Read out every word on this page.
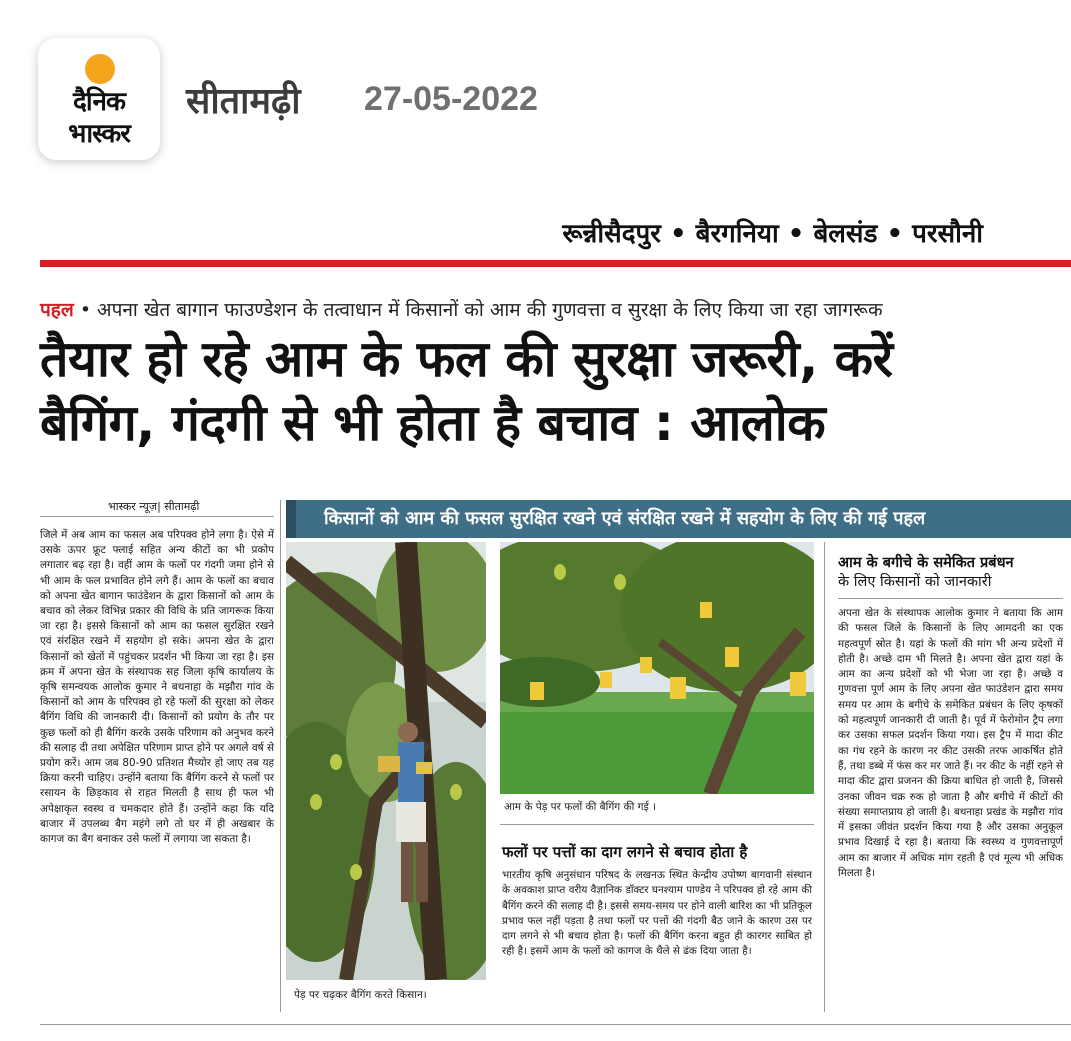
दैनिक
भास्कर
सीतामढ़ी 27-05-2022
रून्नीसैदपुर • बैरगनिया • बेलसंड • परसौनी
पहल • अपना खेत बागान फाउण्डेशन के तत्वाधान में किसानों को आम की गुणवत्ता व सुरक्षा के लिए किया जा रहा जागरूक
तैयार हो रहे आम के फल की सुरक्षा जरूरी, करें
बैगिंग, गंदगी से भी होता है बचाव : आलोक
भास्कर न्यूज़| सीतामढ़ी
जिले में अब आम का फसल अब परिपक्व होने लगा है। ऐसे में उसके ऊपर फ्रूट फ्लाई सहित अन्य कीटों का भी प्रकोप लगातार बढ़ रहा है। वहीं आम के फलों पर गंदगी जमा होने से भी आम के फल प्रभावित होने लगे हैं। आम के फलों का बचाव को अपना खेत बागान फाउंडेशन के द्वारा किसानों को आम के बचाव को लेकर विभिन्न प्रकार की विधि के प्रति जागरूक किया जा रहा है। इससे किसानों को आम का फसल सुरक्षित रखने एवं संरक्षित रखने में सहयोग हो सके। अपना खेत के द्वारा किसानों को खेतों में पहुंचकर प्रदर्शन भी किया जा रहा है। इस क्रम में अपना खेत के संस्थापक सह जिला कृषि कार्यालय के कृषि समन्वयक आलोक कुमार ने बथनाहा के मझौरा गांव के किसानों को आम के परिपक्व हो रहे फलों की सुरक्षा को लेकर बैगिंग विधि की जानकारी दी। किसानों को प्रयोग के तौर पर कुछ फलों को ही बैगिंग करके उसके परिणाम को अनुभव करने की सलाह दी तथा अपेक्षित परिणाम प्राप्त होने पर अगले वर्ष से प्रयोग करें। आम जब 80-90 प्रतिशत मैच्योर हो जाए तब यह क्रिया करनी चाहिए। उन्होंने बताया कि बैगिंग करने से फलों पर रसायन के छिड़काव से राहत मिलती है साथ ही फल भी अपेक्षाकृत स्वस्थ व चमकदार होते हैं। उन्होंने कहा कि यदि बाजार में उपलब्ध बैग महंगे लगे तो घर में ही अखबार के कागज का बैग बनाकर उसे फलों में लगाया जा सकता है।
किसानों को आम की फसल सुरक्षित रखने एवं संरक्षित रखने में सहयोग के लिए की गई पहल
पेड़ पर चढ़कर बैगिंग करते किसान।
आम के पेड़ पर फलों की बैगिंग की गई ।
फलों पर पत्तों का दाग लगने से बचाव होता है
भारतीय कृषि अनुसंधान परिषद के लखनऊ स्थित केन्द्रीय उपोष्ण बागवानी संस्थान के अवकाश प्राप्त वरीय वैज्ञानिक डॉक्टर घनश्याम पाण्डेय ने परिपक्व हो रहे आम की बैगिंग करने की सलाह दी है। इससे समय-समय पर होने वाली बारिश का भी प्रतिकूल प्रभाव फल नहीं पड़ता है तथा फलों पर पत्तों की गंदगी बैठ जाने के कारण उस पर दाग लगने से भी बचाव होता है। फलों की बैगिंग करना बहुत ही कारगर साबित हो रही है। इसमें आम के फलों को कागज के थैले से ढंक दिया जाता है।
आम के बगीचे के समेकित प्रबंधन
के लिए किसानों को जानकारी
अपना खेत के संस्थापक आलोक कुमार ने बताया कि आम की फसल जिले के किसानों के लिए आमदनी का एक महत्वपूर्ण स्रोत है। यहां के फलों की मांग भी अन्य प्रदेशों में होती है। अच्छे दाम भी मिलते है। अपना खेत द्वारा यहां के आम का अन्य प्रदेशों को भी भेजा जा रहा है। अच्छे व गुणवत्ता पूर्ण आम के लिए अपना खेत फाउंडेशन द्वारा समय समय पर आम के बगीचे के समेकित प्रबंधन के लिए कृषकों को महत्वपूर्ण जानकारी दी जाती है। पूर्व में फेरोमोन ट्रैप लगा कर उसका सफल प्रदर्शन किया गया। इस ट्रैप में मादा कीट का गंध रहने के कारण नर कीट उसकी तरफ आकर्षित होते हैं, तथा डब्बे में फंस कर मर जाते हैं। नर कीट के नहीं रहने से मादा कीट द्वारा प्रजनन की क्रिया बाधित हो जाती है, जिससे उनका जीवन चक्र रुक हो जाता है और बगीचे में कीटों की संख्या समाप्तप्राय हो जाती है। बथनाहा प्रखंड के मझौरा गांव में इसका जीवंत प्रदर्शन किया गया है और उसका अनुकूल प्रभाव दिखाई दे रहा है। बताया कि स्वस्थ्य व गुणवत्तापूर्ण आम का बाजार में अधिक मांग रहती है एवं मूल्य भी अधिक मिलता है।
